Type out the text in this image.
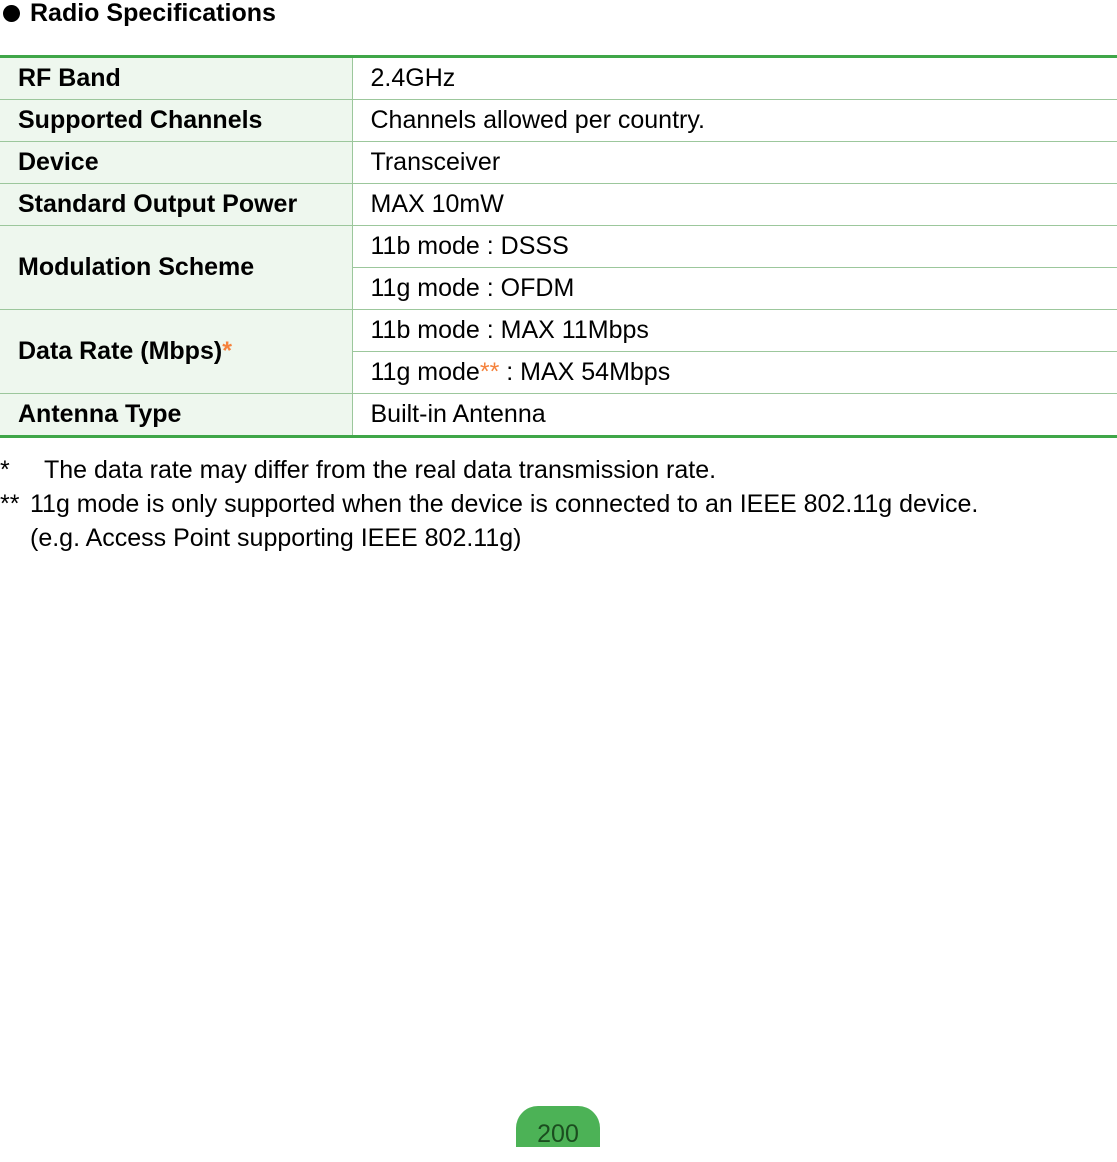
Radio Specifications
RF Band	2.4GHz
Supported Channels	Channels allowed per country.
Device	Transceiver
Standard Output Power	MAX 10mW
Modulation Scheme	11b mode : DSSS
	11g mode : OFDM
Data Rate (Mbps)*	11b mode : MAX 11Mbps
	11g mode** : MAX 54Mbps
Antenna Type	Built-in Antenna
*	The data rate may differ from the real data transmission rate.
** 11g mode is only supported when the device is connected to an IEEE 802.11g device.
(e.g. Access Point supporting IEEE 802.11g)
200
